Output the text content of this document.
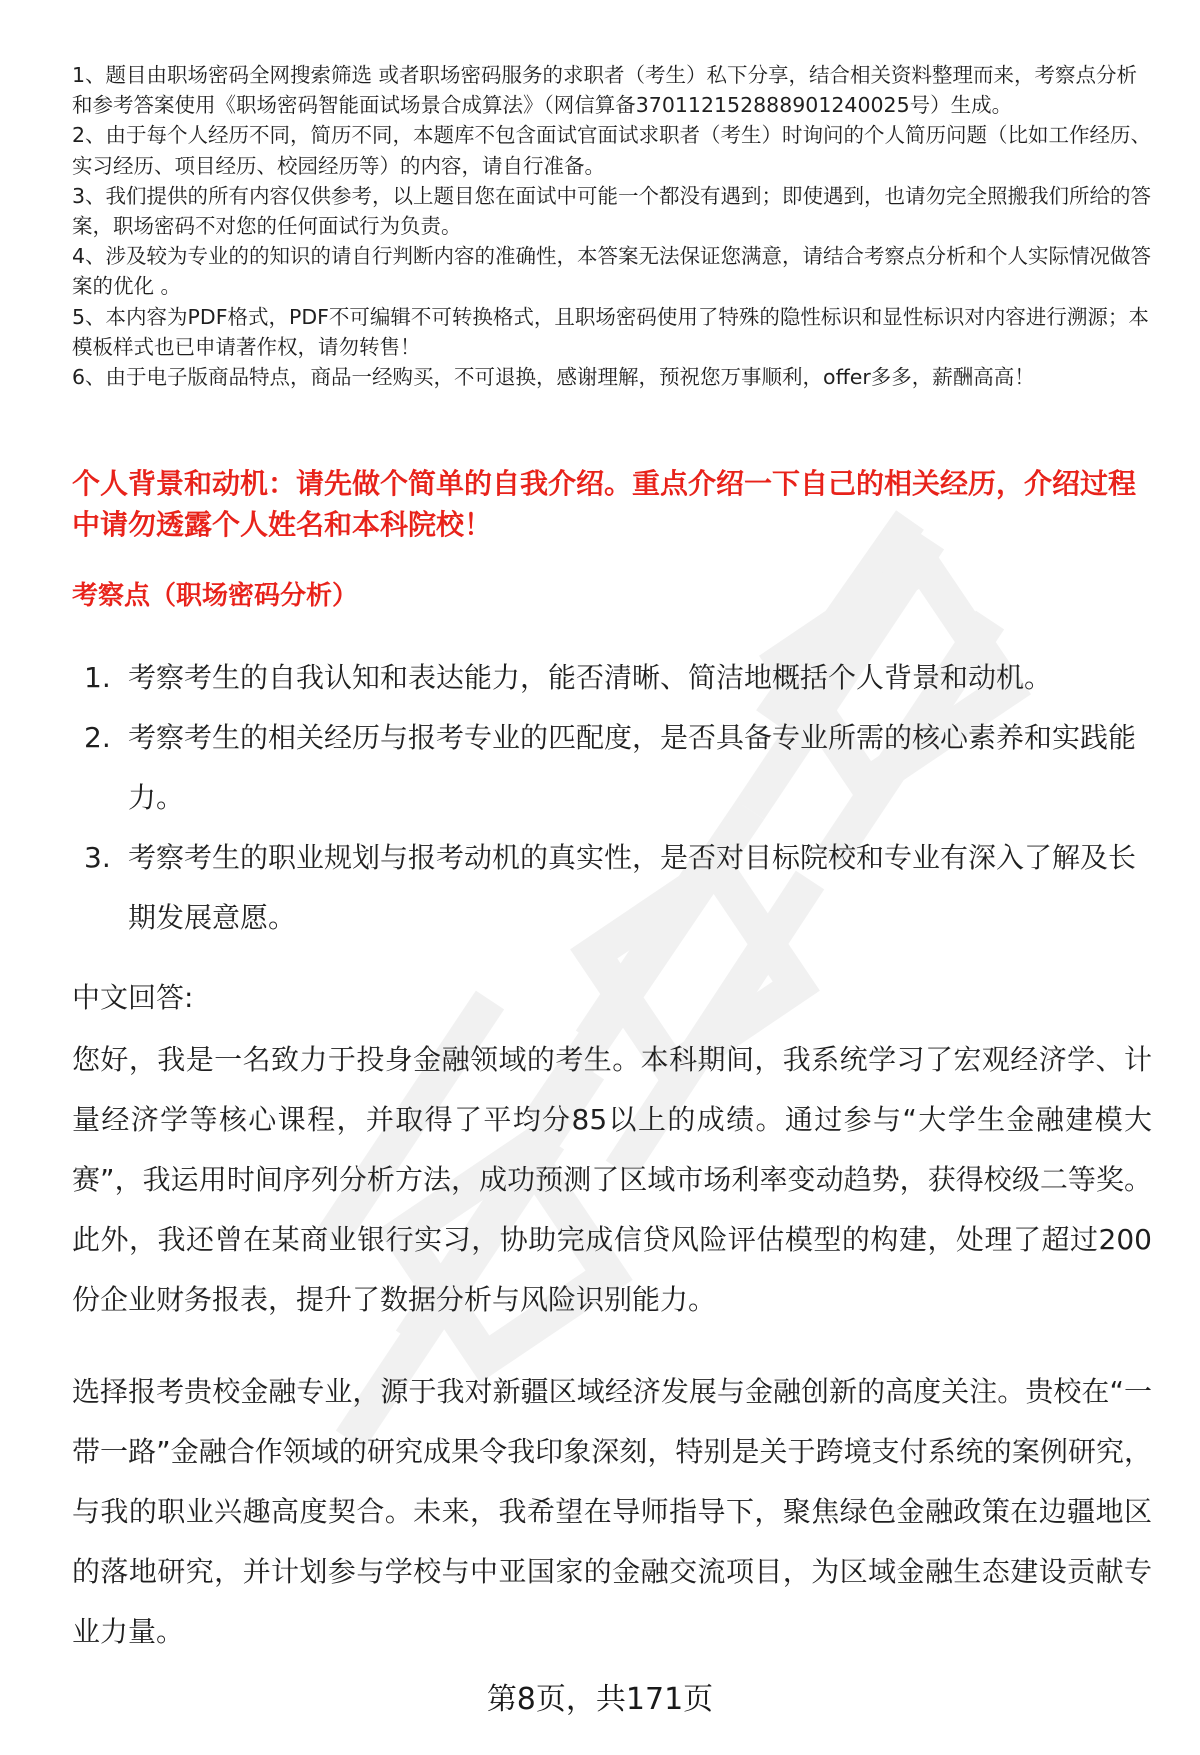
1、题目由职场密码全网搜索筛选 或者职场密码服务的求职者（考生）私下分享，结合相关资料整理而来，考察点分析和参考答案使用《职场密码智能面试场景合成算法》（网信算备370112152888901240025号）生成。

2、由于每个人经历不同，简历不同，本题库不包含面试官面试求职者（考生）时询问的个人简历问题（比如工作经历、实习经历、项目经历、校园经历等）的内容，请自行准备。

3、我们提供的所有内容仅供参考，以上题目您在面试中可能一个都没有遇到；即使遇到，也请勿完全照搬我们所给的答案，职场密码不对您的任何面试行为负责。

4、涉及较为专业的的知识的请自行判断内容的准确性，本答案无法保证您满意，请结合考察点分析和个人实际情况做答案的优化 。

5、本内容为PDF格式，PDF不可编辑不可转换格式，且职场密码使用了特殊的隐性标识和显性标识对内容进行溯源；本模板样式也已申请著作权，请勿转售！

6、由于电子版商品特点，商品一经购买，不可退换，感谢理解，预祝您万事顺利，offer多多，薪酬高高！

个人背景和动机：请先做个简单的自我介绍。重点介绍一下自己的相关经历，介绍过程中请勿透露个人姓名和本科院校！
考察点（职场密码分析）
1. 考察考生的自我认知和表达能力，能否清晰、简洁地概括个人背景和动机。
2. 考察考生的相关经历与报考专业的匹配度，是否具备专业所需的核心素养和实践能力。
3. 考察考生的职业规划与报考动机的真实性，是否对目标院校和专业有深入了解及长期发展意愿。
中文回答:

您好，我是一名致力于投身金融领域的考生。本科期间，我系统学习了宏观经济学、计量经济学等核心课程，并取得了平均分85以上的成绩。通过参与“大学生金融建模大赛”，我运用时间序列分析方法，成功预测了区域市场利率变动趋势，获得校级二等奖。此外，我还曾在某商业银行实习，协助完成信贷风险评估模型的构建，处理了超过200份企业财务报表，提升了数据分析与风险识别能力。

选择报考贵校金融专业，源于我对新疆区域经济发展与金融创新的高度关注。贵校在“一带一路”金融合作领域的研究成果令我印象深刻，特别是关于跨境支付系统的案例研究，与我的职业兴趣高度契合。未来，我希望在导师指导下，聚焦绿色金融政策在边疆地区的落地研究，并计划参与学校与中亚国家的金融交流项目，为区域金融生态建设贡献专业力量。

第8页，共171页
